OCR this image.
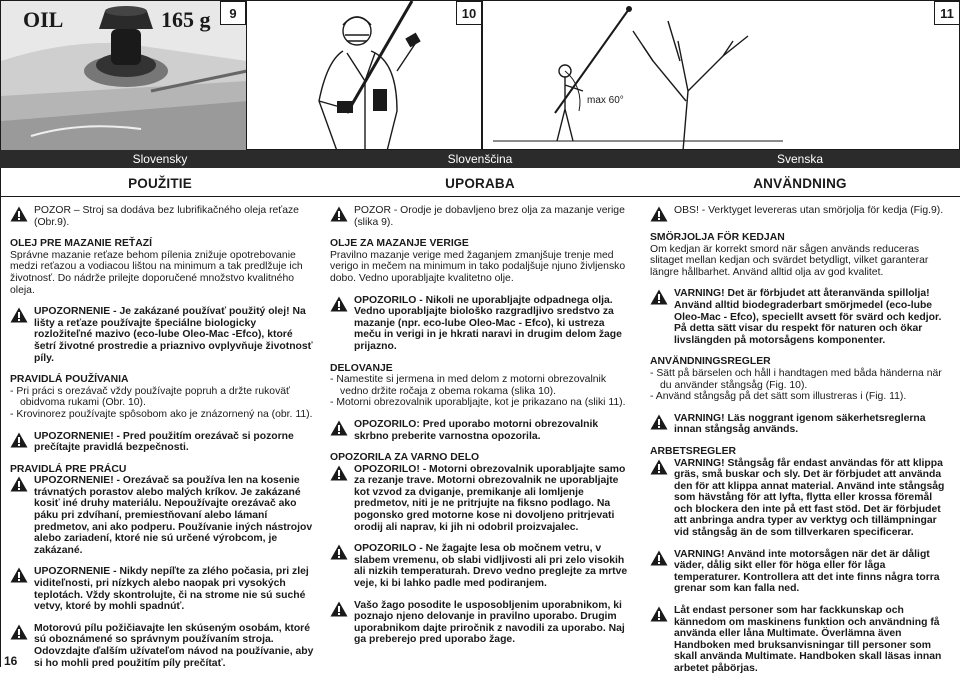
OIL	165 g	9	10
max 60°
11
Slovensky	Slovenščina	Svenska
POUŽITIE	UPORABA	ANVÄNDNING
POZOR – Stroj sa dodáva bez lubrifikačného oleja reťaze (Obr.9).

OLEJ PRE MAZANIE REŤAZÍ

Správne mazanie reťaze behom pílenia znižuje opotrebovanie medzi reťazou a vodiacou lištou na minimum a tak predlžuje ich životnosť. Do nádrže prilejte doporučené množstvo kvalitného oleja.

UPOZORNENIE - Je zakázané používať použitý olej! Na lišty a reťaze používajte špeciálne biologicky rozložiteľné mazivo (eco-lube Oleo-Mac -Efco), ktoré šetrí životné prostredie a priaznivo ovplyvňuje životnosť píly.

PRAVIDLÁ POUŽÍVANIA

- Pri práci s orezávač vždy používajte popruh a držte rukoväť obidvoma rukami (Obr. 10).
- Krovinorez používajte spôsobom ako je znázornený na (obr. 11).
UPOZORNENIE! - Pred použitím orezávač si pozorne prečítajte pravidlá bezpečnosti.

PRAVIDLÁ PRE PRÁCU

UPOZORNENIE! - Orezávač sa používa len na kosenie trávnatých porastov alebo malých kríkov. Je zakázané kosiť iné druhy materiálu. Nepoužívajte orezávač ako páku pri zdvíhaní, premiestňovaní alebo lámaní predmetov, ani ako podperu. Používanie iných nástrojov alebo zariadení, ktoré nie sú určené výrobcom, je zakázané.
UPOZORNENIE - Nikdy nepíľte za zlého počasia, pri zlej viditeľnosti, pri nízkych alebo naopak pri vysokých teplotách. Vždy skontrolujte, či na strome nie sú suché vetvy, ktoré by mohli spadnúť.
Motorovú pílu požičiavajte len skúseným osobám, ktoré sú oboznámené so správnym používaním stroja. Odovzdajte ďalším užívateľom návod na používanie, aby si ho mohli pred použitím píly prečítať.
POZOR - Orodje je dobavljeno brez olja za mazanje verige (slika 9).

OLJE ZA MAZANJE VERIGE

Pravilno mazanje verige med žaganjem zmanjšuje trenje med verigo in mečem na minimum in tako podaljšuje njuno življensko dobo. Vedno uporabljajte kvalitetno olje.

OPOZORILO - Nikoli ne uporabljajte odpadnega olja. Vedno uporabljajte biološko razgradljivo sredstvo za mazanje (npr. eco-lube Oleo-Mac - Efco), ki ustreza meču in verigi in je hkrati naravi in drugim delom žage prijazno.

DELOVANJE

- Namestite si jermena in med delom z motorni obrezovalnik vedno držite ročaja z obema rokama (slika 10).
- Motorni obrezovalnik uporabljajte, kot je prikazano na (sliki 11).
OPOZORILO: Pred uporabo motorni obrezovalnik skrbno preberite varnostna opozorila.

OPOZORILA ZA VARNO DELO

OPOZORILO! - Motorni obrezovalnik uporabljajte samo za rezanje trave. Motorni obrezovalnik ne uporabljajte kot vzvod za dviganje, premikanje ali lomljenje predmetov, niti je ne pritrjujte na fiksno podlago. Na pogonsko gred motorne kose ni dovoljeno pritrjevati orodij ali naprav, ki jih ni odobril proizvajalec.
OPOZORILO - Ne žagajte lesa ob močnem vetru, v slabem vremenu, ob slabi vidljivosti ali pri zelo visokih ali nizkih temperaturah. Drevo vedno preglejte za mrtve veje, ki bi lahko padle med podiranjem.
Vašo žago posodite le usposobljenim uporabnikom, ki poznajo njeno delovanje in pravilno uporabo. Drugim uporabnikom dajte priročnik z navodili za uporabo. Naj ga preberejo pred uporabo žage.
OBS! - Verktyget levereras utan smörjolja för kedja (Fig.9).

SMÖRJOLJA FÖR KEDJAN

Om kedjan är korrekt smord när sågen används reduceras slitaget mellan kedjan och svärdet betydligt, vilket garanterar längre hållbarhet. Använd alltid olja av god kvalitet.

VARNING! Det är förbjudet att återanvända spillolja! Använd alltid biodegraderbart smörjmedel (eco-lube Oleo-Mac - Efco), speciellt avsett för svärd och kedjor. På detta sätt visar du respekt för naturen och ökar livslängden på motorsågens komponenter.

ANVÄNDNINGSREGLER

- Sätt på bärselen och håll i handtagen med båda händerna när du använder stångsåg (Fig. 10).
- Använd stångsåg på det sätt som illustreras i (Fig. 11).
VARNING! Läs noggrant igenom säkerhetsreglerna innan stångsåg används.

ARBETSREGLER

VARNING! Stångsåg får endast användas för att klippa gräs, små buskar och sly. Det är förbjudet att använda den för att klippa annat material. Använd inte stångsåg som hävstång för att lyfta, flytta eller krossa föremål och blockera den inte på ett fast stöd. Det är förbjudet att anbringa andra typer av verktyg och tillämpningar vid stångsåg än de som tillverkaren specificerar.
VARNING! Använd inte motorsågen när det är dåligt väder, dålig sikt eller för höga eller för låga temperaturer. Kontrollera att det inte finns några torra grenar som kan falla ned.
Låt endast personer som har fackkunskap och kännedom om maskinens funktion och användning få använda eller låna Multimate. Överlämna även Handboken med bruksanvisningar till personer som skall använda Multimate. Handboken skall läsas innan arbetet påbörjas.
16
